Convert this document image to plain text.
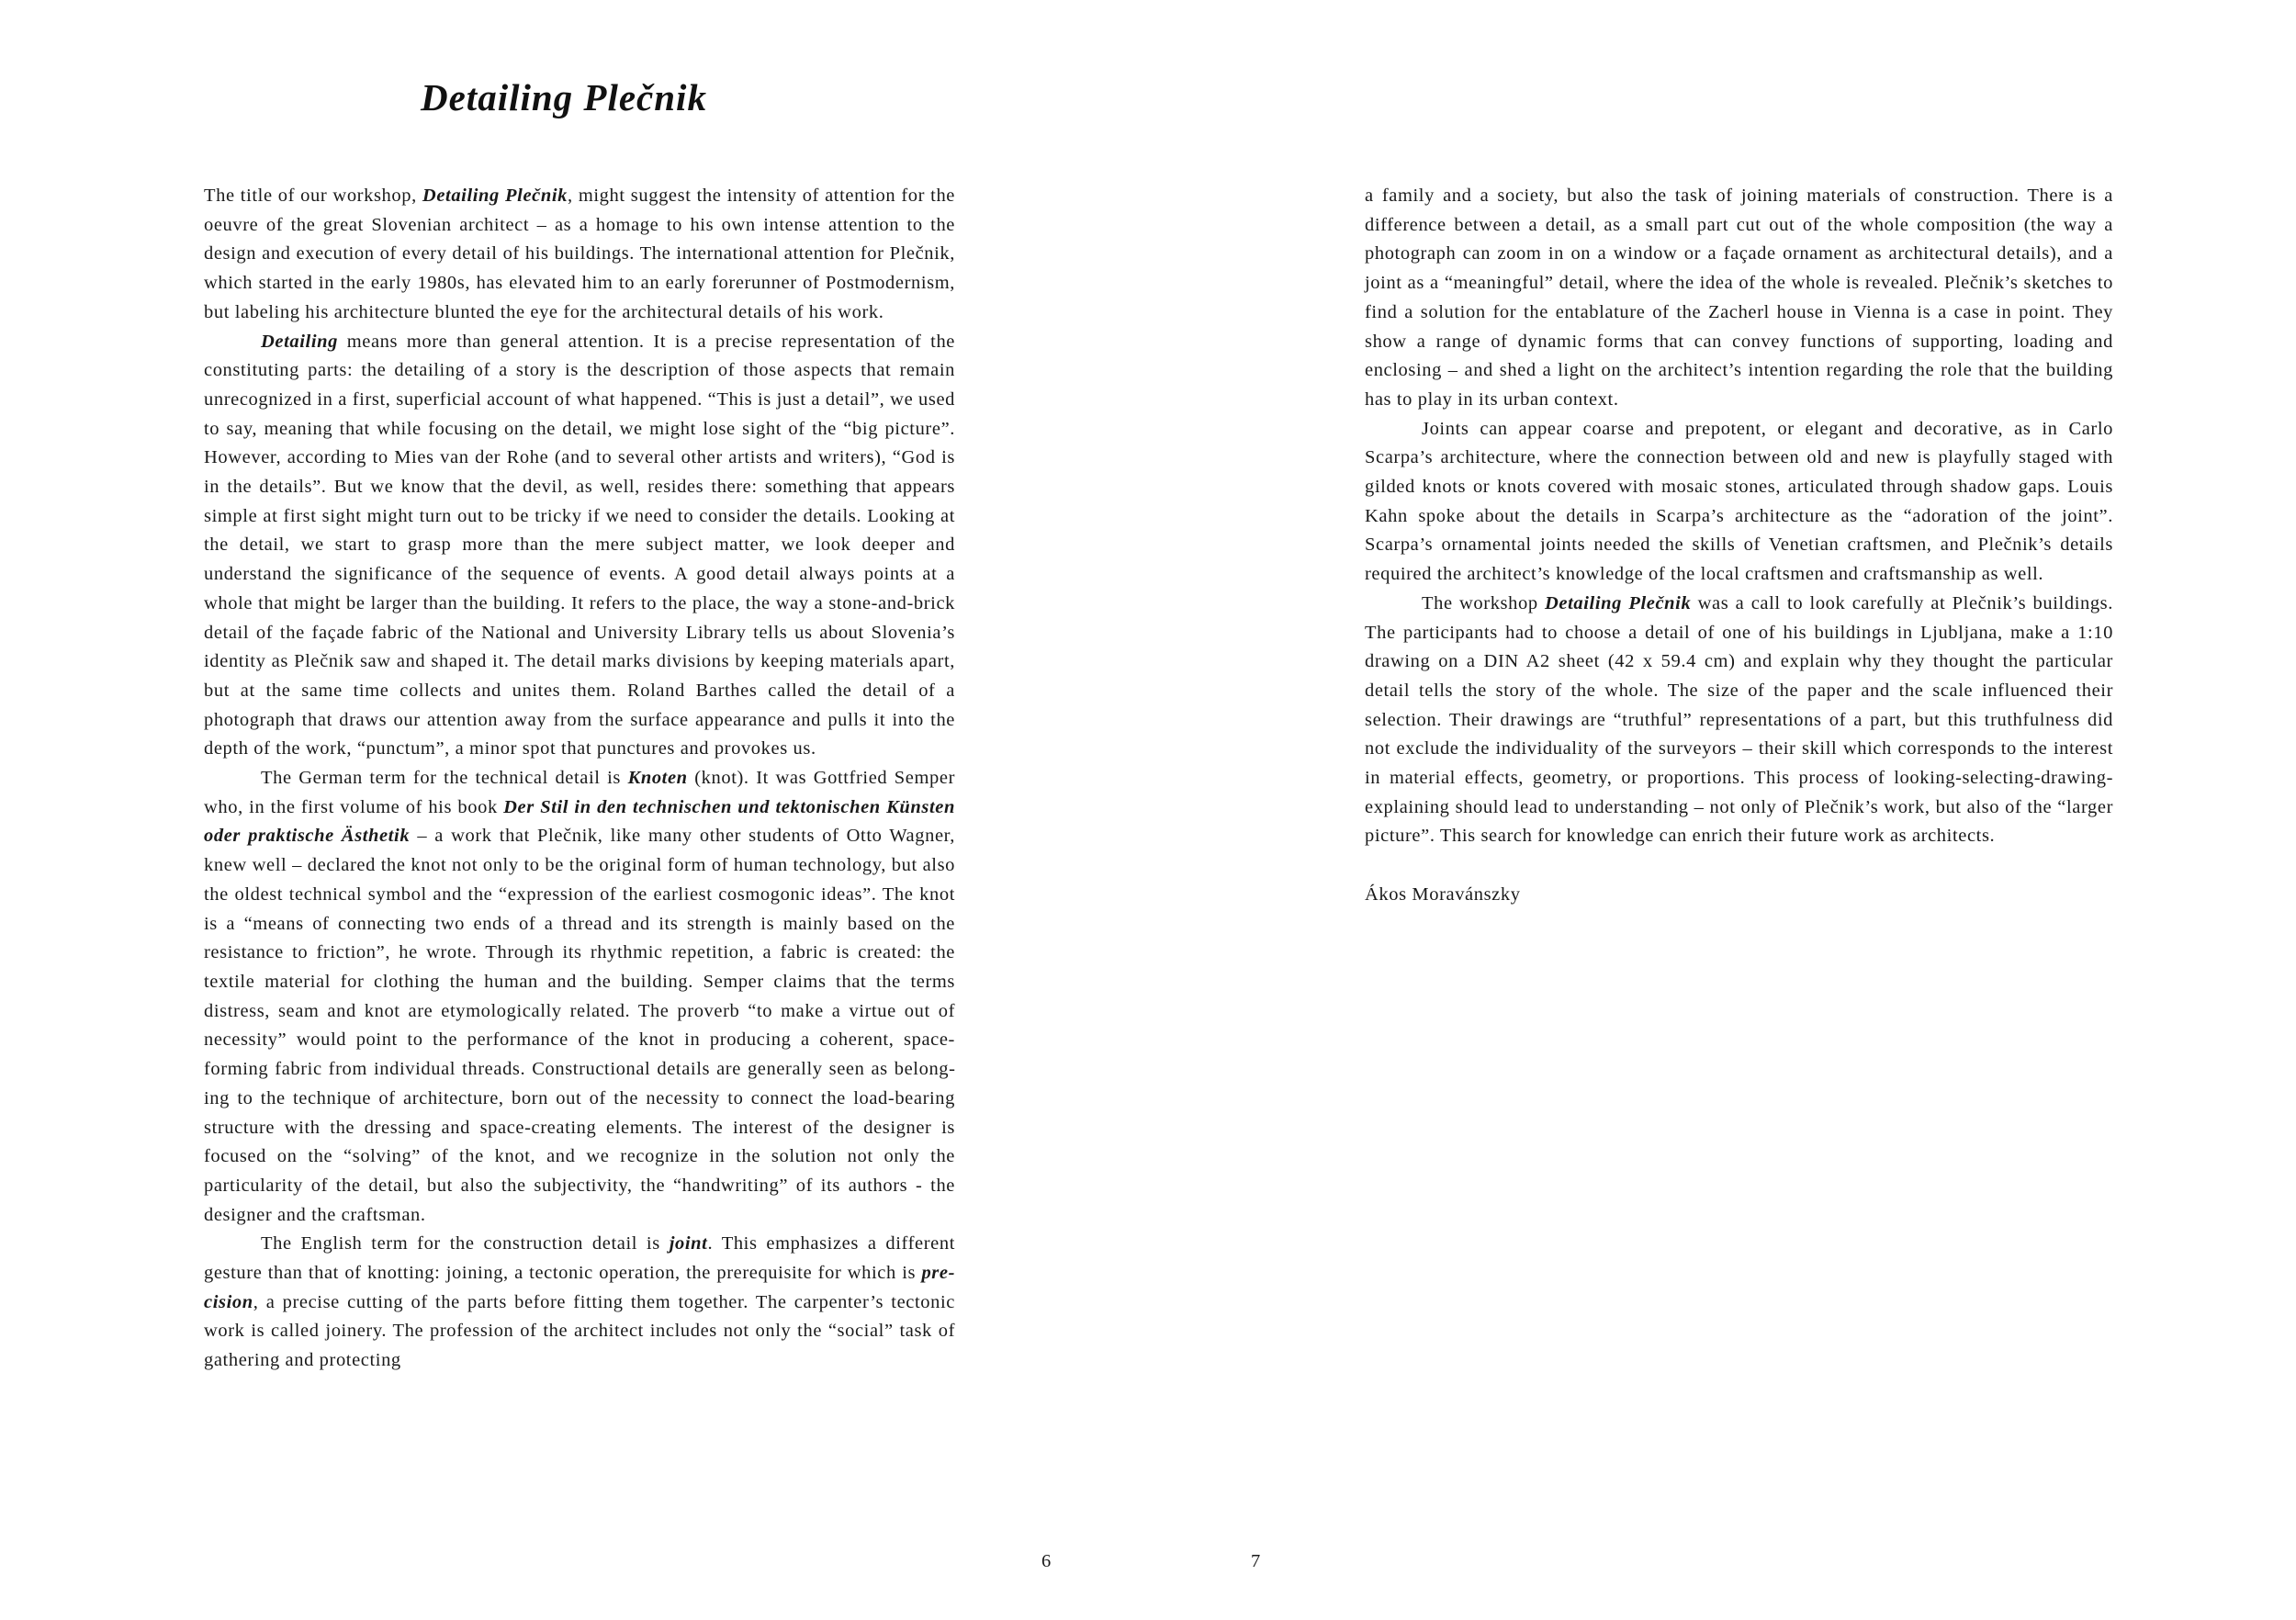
Detailing Plečnik

The title of our workshop, Detailing Plečnik, might suggest the intensity of attention for the oeuvre of the great Slovenian architect – as a homage to his own intense attention to the design and execution of every detail of his buildings. The international attention for Plečnik, which started in the early 1980s, has elevated him to an early forerunner of Postmodernism, but labeling his architecture blunted the eye for the architectural details of his work.

Detailing means more than general attention. It is a precise representation of the constituting parts: the detailing of a story is the description of those aspects that remain unrecognized in a first, superficial account of what happened. “This is just a detail”, we used to say, meaning that while focusing on the detail, we might lose sight of the “big picture”. However, according to Mies van der Rohe (and to several other artists and writers), “God is in the details”. But we know that the devil, as well, resides there: something that appears simple at first sight might turn out to be tricky if we need to consider the details. Looking at the detail, we start to grasp more than the mere subject matter, we look deeper and understand the significance of the sequence of events. A good detail always points at a whole that might be larger than the building. It refers to the place, the way a stone-and-brick detail of the façade fabric of the National and University Library tells us about Slovenia’s identity as Plečnik saw and shaped it. The detail marks divisions by keeping materials apart, but at the same time collects and unites them. Roland Barthes called the detail of a photograph that draws our attention away from the surface appearance and pulls it into the depth of the work, “punctum”, a minor spot that punctures and provokes us.

The German term for the technical detail is Knoten (knot). It was Gottfried Semper who, in the first volume of his book Der Stil in den technischen und tektonischen Künsten oder praktische Ästhetik – a work that Plečnik, like many other students of Otto Wagner, knew well – declared the knot not only to be the original form of human technology, but also the oldest technical symbol and the “expression of the earliest cosmogonic ideas”. The knot is a “means of connecting two ends of a thread and its strength is mainly based on the resistance to friction”, he wrote. Through its rhythmic repetition, a fabric is created: the textile material for clothing the human and the building. Semper claims that the terms distress, seam and knot are etymologically related. The proverb “to make a virtue out of necessity” would point to the performance of the knot in producing a coherent, space-forming fabric from individual threads. Constructional details are generally seen as belonging to the technique of architecture, born out of the necessity to connect the load-bearing structure with the dressing and space-creating elements. The interest of the designer is focused on the “solving” of the knot, and we recognize in the solution not only the particularity of the detail, but also the subjectivity, the “handwriting” of its authors - the designer and the craftsman.

The English term for the construction detail is joint. This emphasizes a different gesture than that of knotting: joining, a tectonic operation, the prerequisite for which is pre-cision, a precise cutting of the parts before fitting them together. The carpenter’s tectonic work is called joinery. The profession of the architect includes not only the “social” task of gathering and protecting

a family and a society, but also the task of joining materials of construction. There is a difference between a detail, as a small part cut out of the whole composition (the way a photograph can zoom in on a window or a façade ornament as architectural details), and a joint as a “meaningful” detail, where the idea of the whole is revealed. Plečnik’s sketches to find a solution for the entablature of the Zacherl house in Vienna is a case in point. They show a range of dynamic forms that can convey functions of supporting, loading and enclosing – and shed a light on the architect’s intention regarding the role that the building has to play in its urban context.

Joints can appear coarse and prepotent, or elegant and decorative, as in Carlo Scarpa’s architecture, where the connection between old and new is playfully staged with gilded knots or knots covered with mosaic stones, articulated through shadow gaps. Louis Kahn spoke about the details in Scarpa’s architecture as the “adoration of the joint”. Scarpa’s ornamental joints needed the skills of Venetian craftsmen, and Plečnik’s details required the architect’s knowledge of the local craftsmen and craftsmanship as well.

The workshop Detailing Plečnik was a call to look carefully at Plečnik’s buildings. The participants had to choose a detail of one of his buildings in Ljubljana, make a 1:10 drawing on a DIN A2 sheet (42 x 59.4 cm) and explain why they thought the particular detail tells the story of the whole. The size of the paper and the scale influenced their selection. Their drawings are “truthful” representations of a part, but this truthfulness did not exclude the individuality of the surveyors – their skill which corresponds to the interest in material effects, geometry, or proportions. This process of looking-selecting-drawing-explaining should lead to understanding – not only of Plečnik’s work, but also of the “larger picture”. This search for knowledge can enrich their future work as architects.

Ákos Moravánszky

6	7
